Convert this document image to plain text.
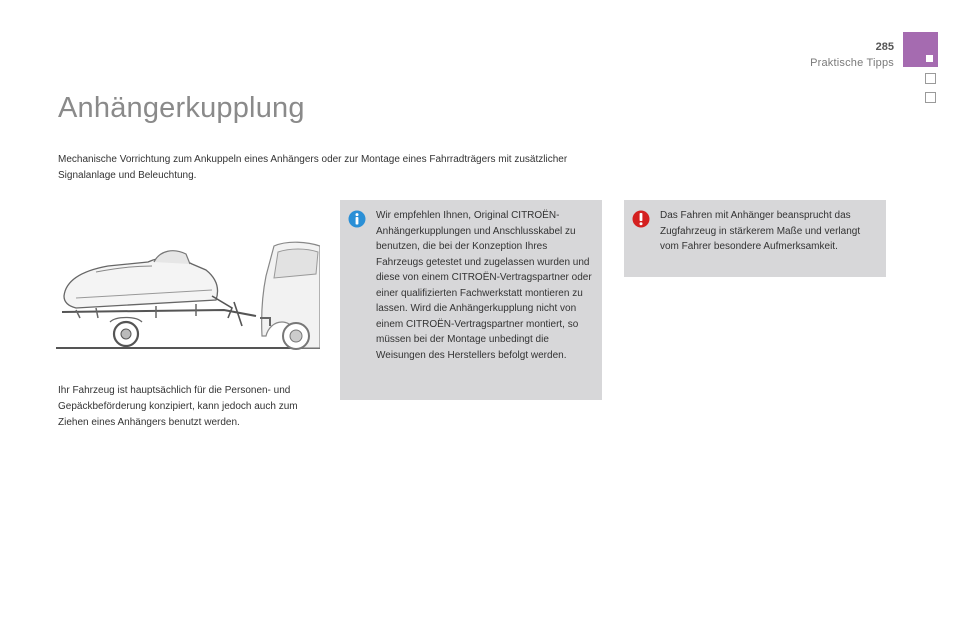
285
Praktische Tipps
Anhängerkupplung
Mechanische Vorrichtung zum Ankuppeln eines Anhängers oder zur Montage eines Fahrradträgers mit zusätzlicher Signalanlage und Beleuchtung.
Ihr Fahrzeug ist hauptsächlich für die Personen- und Gepäckbeförderung konzipiert, kann jedoch auch zum Ziehen eines Anhängers benutzt werden.
Wir empfehlen Ihnen, Original CITROËN-Anhängerkupplungen und Anschlusskabel zu benutzen, die bei der Konzeption Ihres Fahrzeugs getestet und zugelassen wurden und diese von einem CITROËN-Vertragspartner oder einer qualifizierten Fachwerkstatt montieren zu lassen. Wird die Anhängerkupplung nicht von einem CITROËN-Vertragspartner montiert, so müssen bei der Montage unbedingt die Weisungen des Herstellers befolgt werden.
Das Fahren mit Anhänger beansprucht das Zugfahrzeug in stärkerem Maße und verlangt vom Fahrer besondere Aufmerksamkeit.
